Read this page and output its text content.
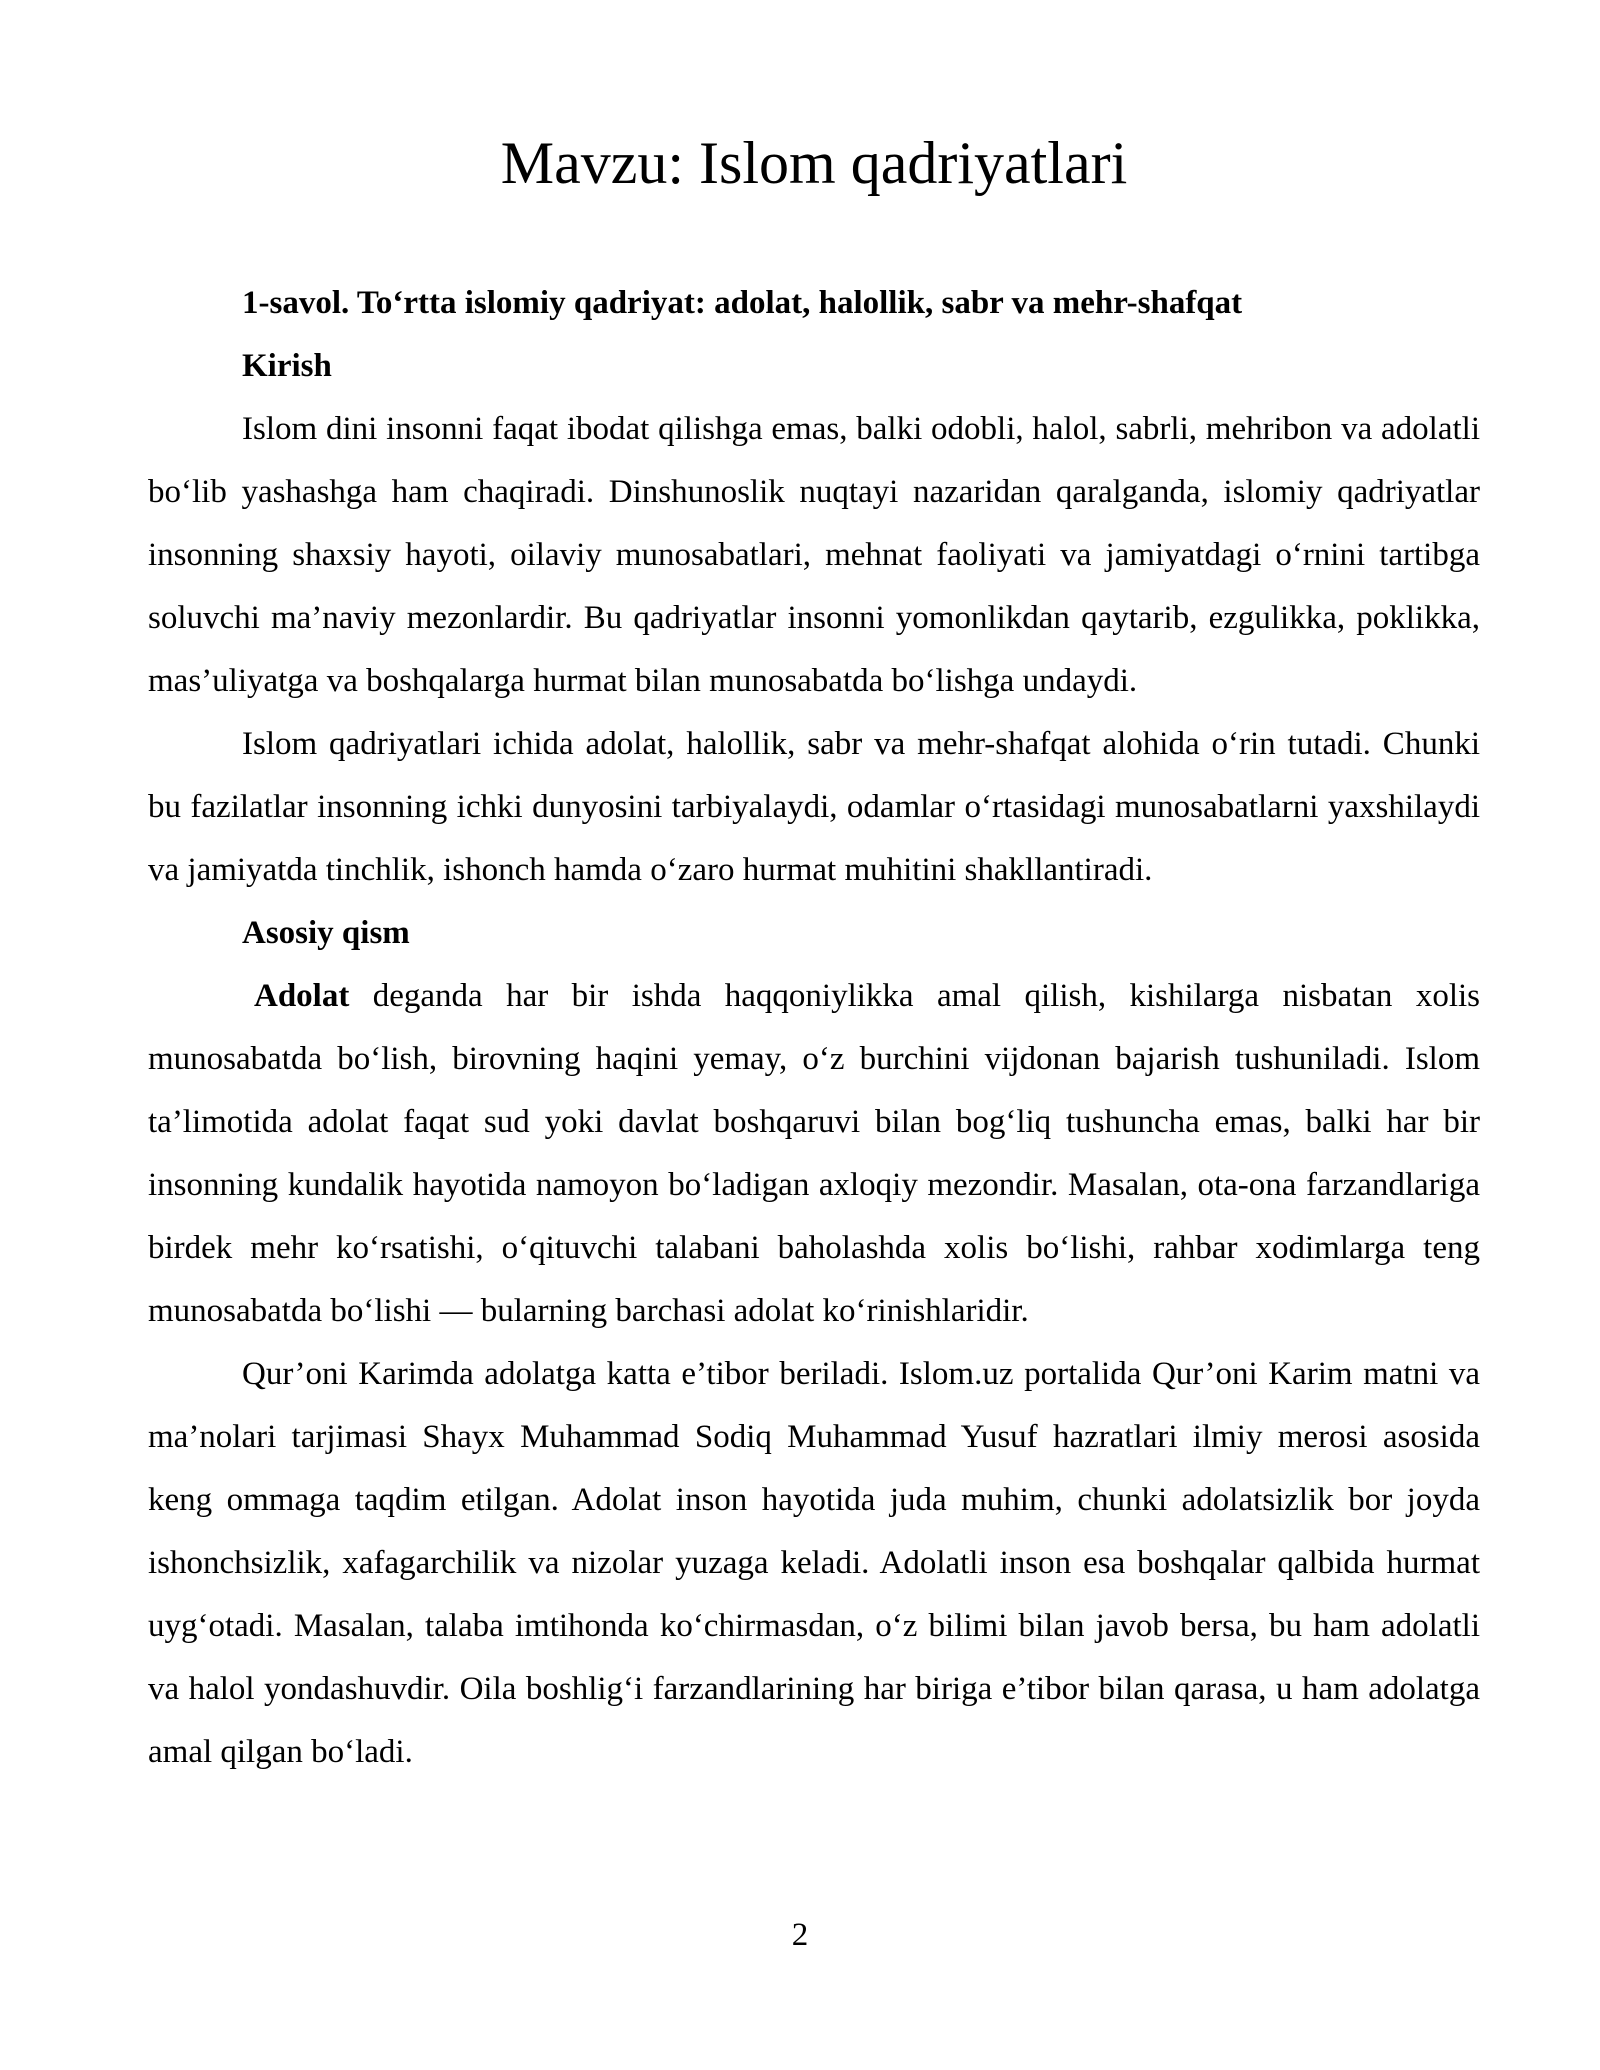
Mavzu: Islom qadriyatlari

1-savol. To‘rtta islomiy qadriyat: adolat, halollik, sabr va mehr-shafqat

Kirish

Islom dini insonni faqat ibodat qilishga emas, balki odobli, halol, sabrli, mehribon va adolatli bo‘lib yashashga ham chaqiradi. Dinshunoslik nuqtayi nazaridan qaralganda, islomiy qadriyatlar insonning shaxsiy hayoti, oilaviy munosabatlari, mehnat faoliyati va jamiyatdagi o‘rnini tartibga soluvchi ma’naviy mezonlardir. Bu qadriyatlar insonni yomonlikdan qaytarib, ezgulikka, poklikka, mas’uliyatga va boshqalarga hurmat bilan munosabatda bo‘lishga undaydi.

Islom qadriyatlari ichida adolat, halollik, sabr va mehr-shafqat alohida o‘rin tutadi. Chunki bu fazilatlar insonning ichki dunyosini tarbiyalaydi, odamlar o‘rtasidagi munosabatlarni yaxshilaydi va jamiyatda tinchlik, ishonch hamda o‘zaro hurmat muhitini shakllantiradi.

Asosiy qism

Adolat deganda har bir ishda haqqoniylikka amal qilish, kishilarga nisbatan xolis munosabatda bo‘lish, birovning haqini yemay, o‘z burchini vijdonan bajarish tushuniladi. Islom ta’limotida adolat faqat sud yoki davlat boshqaruvi bilan bog‘liq tushuncha emas, balki har bir insonning kundalik hayotida namoyon bo‘ladigan axloqiy mezondir. Masalan, ota-ona farzandlariga birdek mehr ko‘rsatishi, o‘qituvchi talabani baholashda xolis bo‘lishi, rahbar xodimlarga teng munosabatda bo‘lishi — bularning barchasi adolat ko‘rinishlaridir.

Qur’oni Karimda adolatga katta e’tibor beriladi. Islom.uz portalida Qur’oni Karim matni va ma’nolari tarjimasi Shayx Muhammad Sodiq Muhammad Yusuf hazratlari ilmiy merosi asosida keng ommaga taqdim etilgan. Adolat inson hayotida juda muhim, chunki adolatsizlik bor joyda ishonchsizlik, xafagarchilik va nizolar yuzaga keladi. Adolatli inson esa boshqalar qalbida hurmat uyg‘otadi. Masalan, talaba imtihonda ko‘chirmasdan, o‘z bilimi bilan javob bersa, bu ham adolatli va halol yondashuvdir. Oila boshlig‘i farzandlarining har biriga e’tibor bilan qarasa, u ham adolatga amal qilgan bo‘ladi.

2
